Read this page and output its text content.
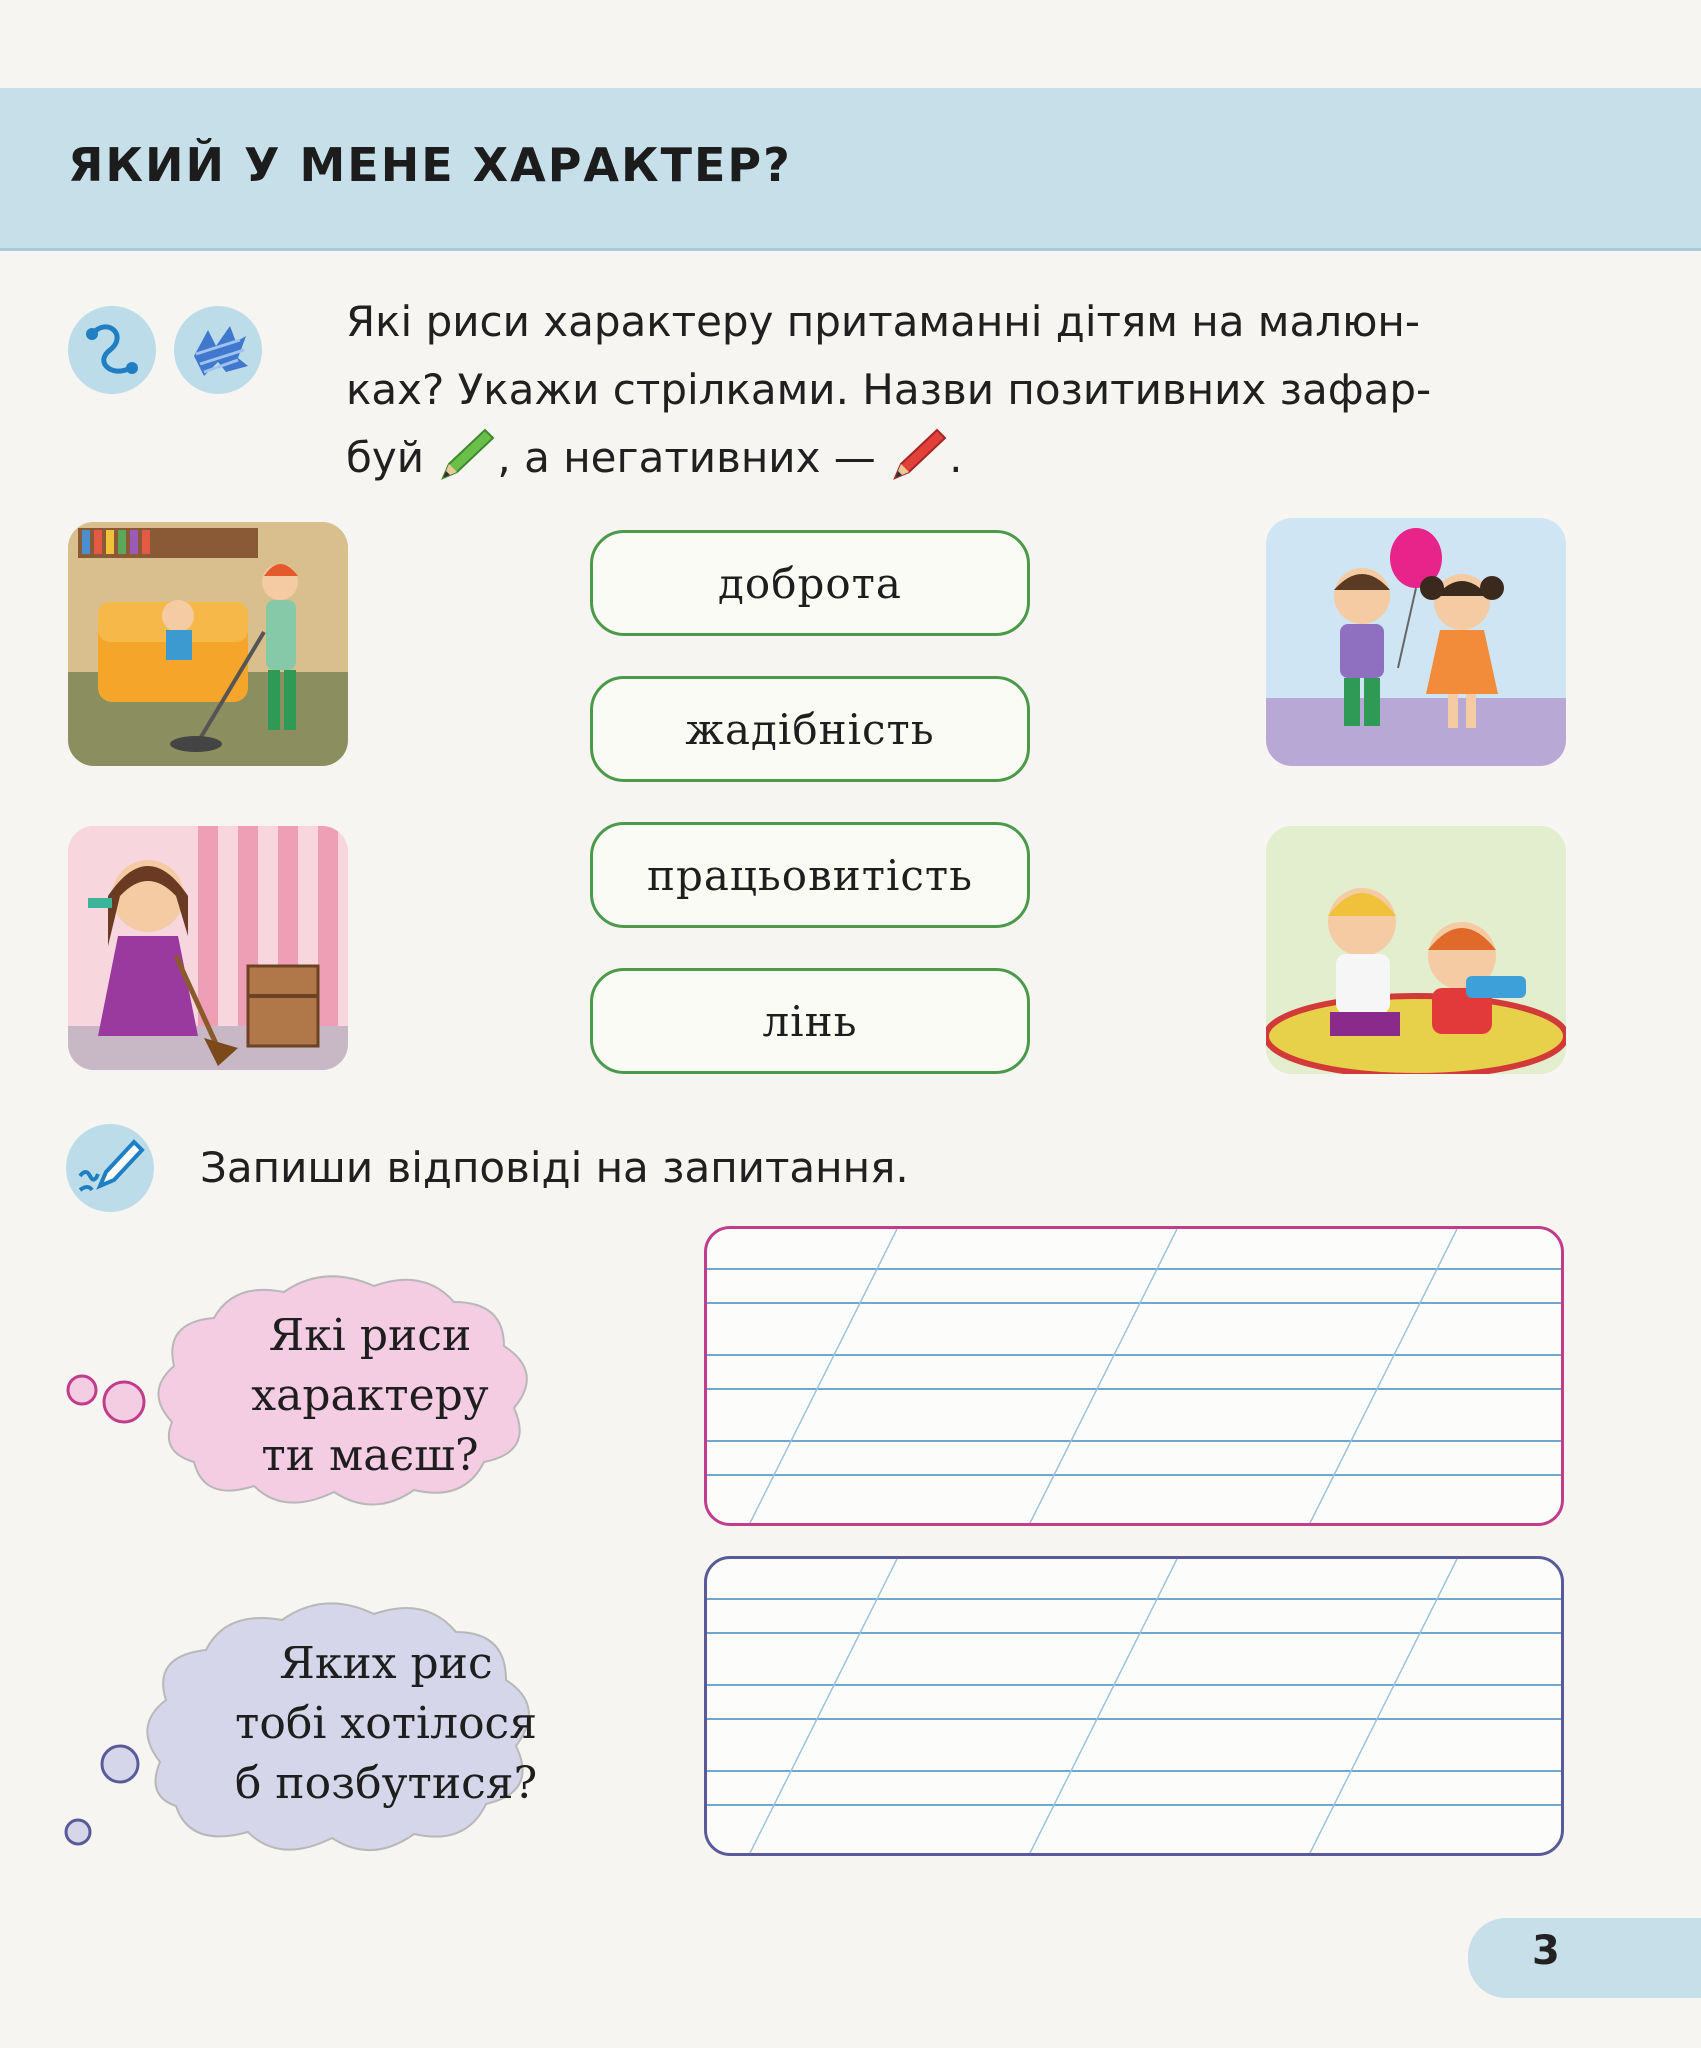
ЯКИЙ У МЕНЕ ХАРАКТЕР?
Які риси характеру притаманні дітям на малюн-
ках? Укажи стрілками. Назви позитивних зафар-
буй , а негативних — .
доброта
жадібність
працьовитість
лінь
Запиши відповіді на запитання.
Які риси
характеру
ти маєш?
Яких рис
тобі хотілося
б позбутися?
3
